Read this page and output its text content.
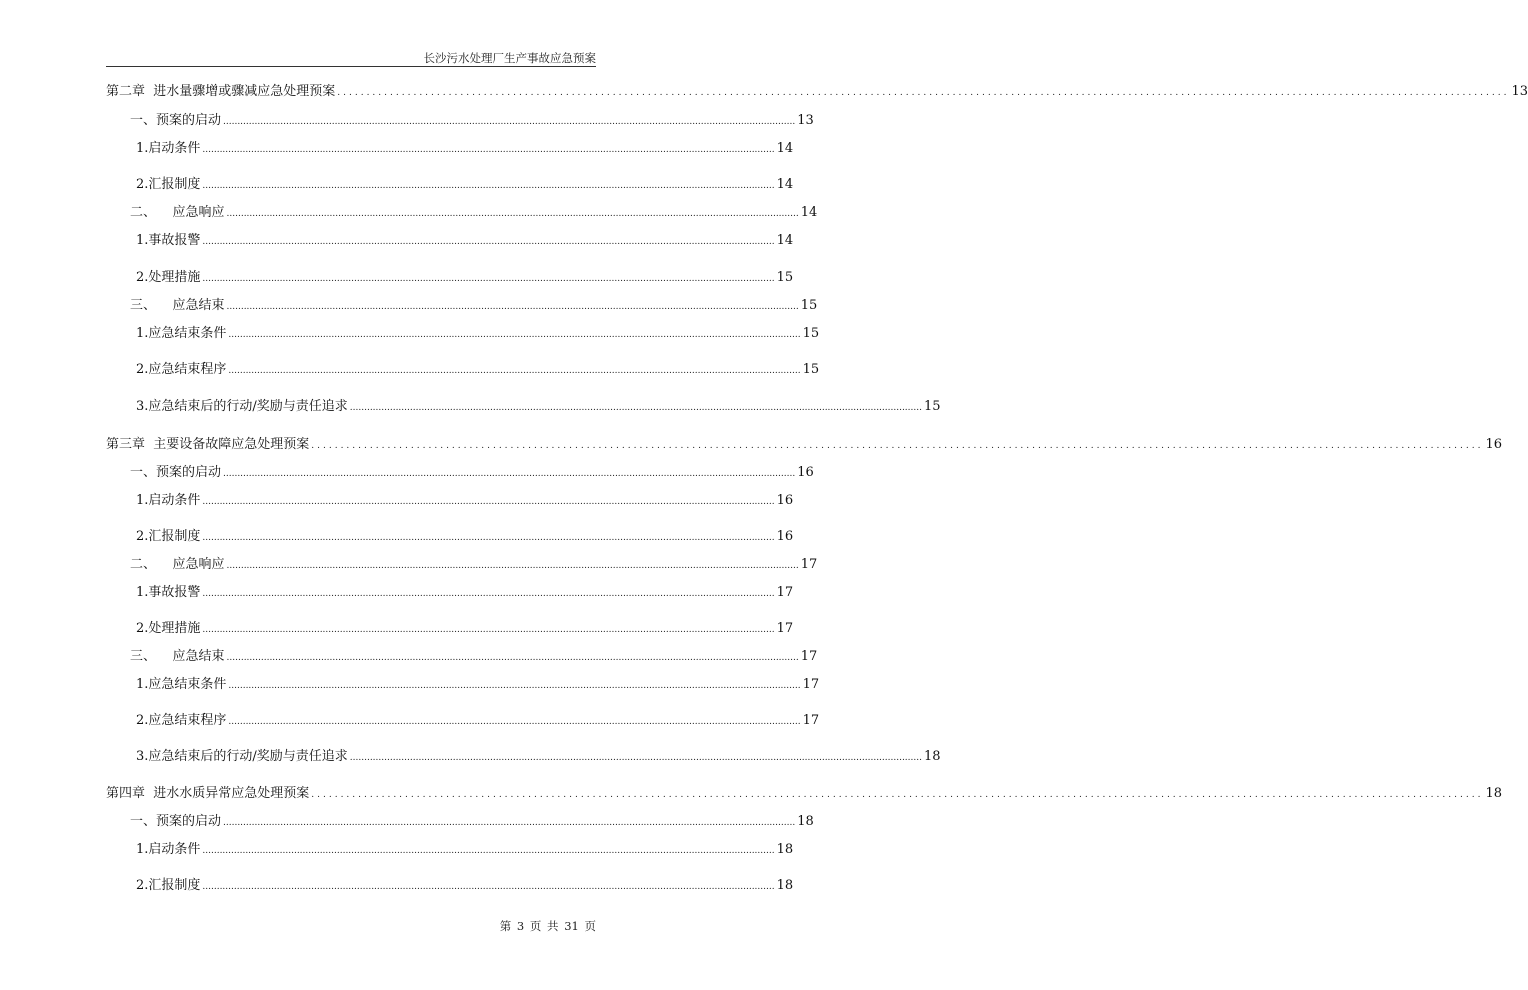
长沙污水处理厂生产事故应急预案
第二章  进水量骤增或骤减应急处理预案 ........................................................................................................................................................................................................ 13
一、预案的启动 ........................................................................................................................................................................................................ 13
1.启动条件 ........................................................................................................................................................................................................ 14
2.汇报制度 ........................................................................................................................................................................................................ 14
二、    应急响应 ........................................................................................................................................................................................................ 14
1.事故报警 ........................................................................................................................................................................................................ 14
2.处理措施 ........................................................................................................................................................................................................ 15
三、    应急结束 ........................................................................................................................................................................................................ 15
1.应急结束条件 ........................................................................................................................................................................................................ 15
2.应急结束程序 ........................................................................................................................................................................................................ 15
3.应急结束后的行动/奖励与责任追求 ........................................................................................................................................................................................................ 15
第三章  主要设备故障应急处理预案 ........................................................................................................................................................................................................ 16
一、预案的启动 ........................................................................................................................................................................................................ 16
1.启动条件 ........................................................................................................................................................................................................ 16
2.汇报制度 ........................................................................................................................................................................................................ 16
二、    应急响应 ........................................................................................................................................................................................................ 17
1.事故报警 ........................................................................................................................................................................................................ 17
2.处理措施 ........................................................................................................................................................................................................ 17
三、    应急结束 ........................................................................................................................................................................................................ 17
1.应急结束条件 ........................................................................................................................................................................................................ 17
2.应急结束程序 ........................................................................................................................................................................................................ 17
3.应急结束后的行动/奖励与责任追求 ........................................................................................................................................................................................................ 18
第四章  进水水质异常应急处理预案 ........................................................................................................................................................................................................ 18
一、预案的启动 ........................................................................................................................................................................................................ 18
1.启动条件 ........................................................................................................................................................................................................ 18
2.汇报制度 ........................................................................................................................................................................................................ 18
第 3 页 共 31 页
